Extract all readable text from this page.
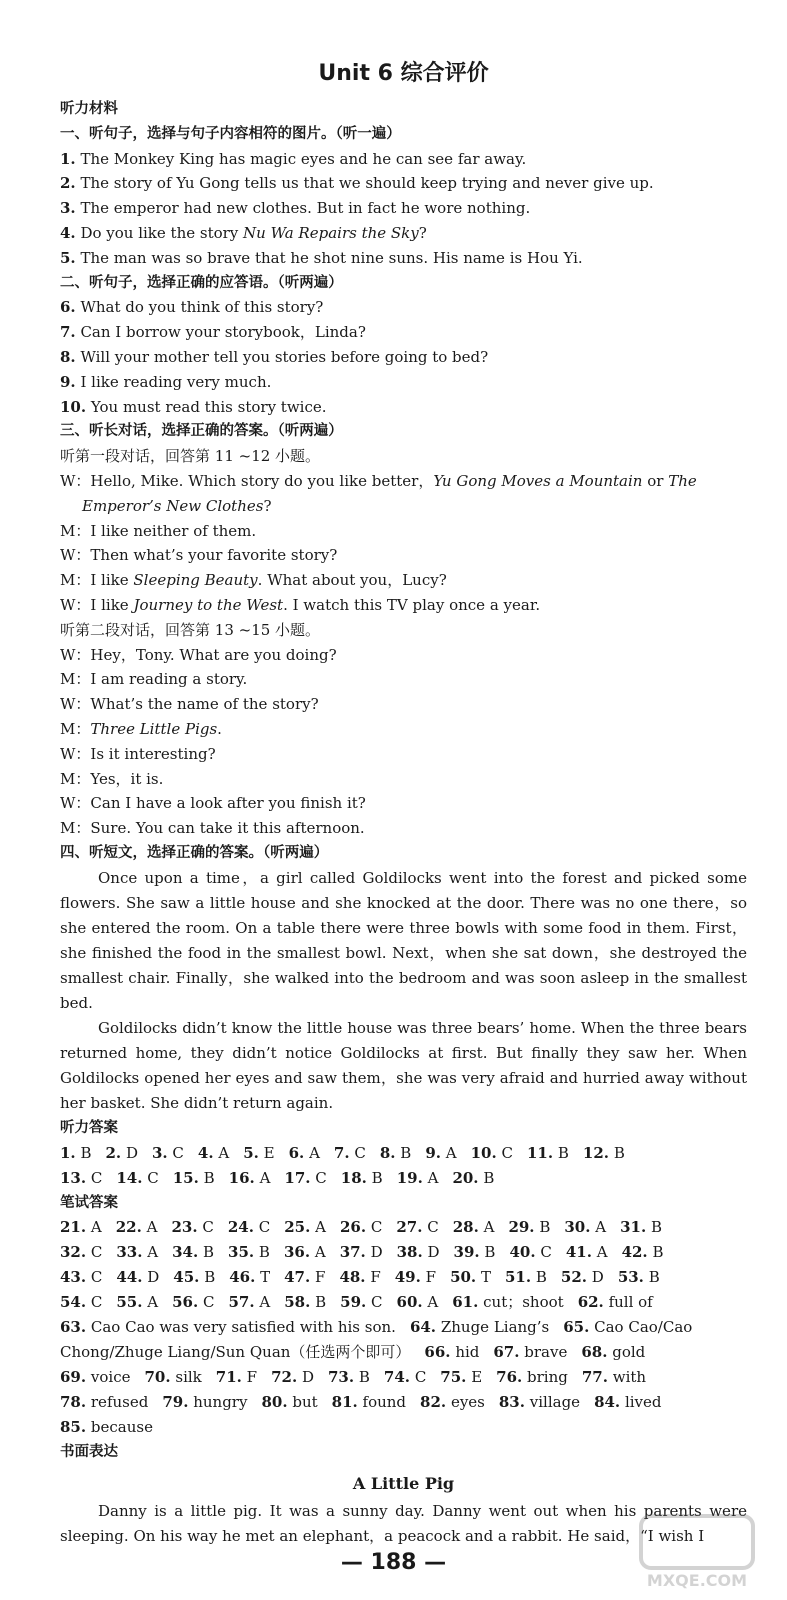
Unit 6 综合评价

听力材料

一、听句子，选择与句子内容相符的图片。（听一遍）

1. The Monkey King has magic eyes and he can see far away.

2. The story of Yu Gong tells us that we should keep trying and never give up.

3. The emperor had new clothes. But in fact he wore nothing.

4. Do you like the story Nu Wa Repairs the Sky?

5. The man was so brave that he shot nine suns. His name is Hou Yi.

二、听句子，选择正确的应答语。（听两遍）

6. What do you think of this story?

7. Can I borrow your storybook，Linda?

8. Will your mother tell you stories before going to bed?

9. I like reading very much.

10. You must read this story twice.

三、听长对话，选择正确的答案。（听两遍）

听第一段对话，回答第 11 ~12 小题。

W：Hello, Mike. Which story do you like better，Yu Gong Moves a Mountain or The

Emperor’s New Clothes?

M：I like neither of them.

W：Then what’s your favorite story?

M：I like Sleeping Beauty. What about you，Lucy?

W：I like Journey to the West. I watch this TV play once a year.

听第二段对话，回答第 13 ~15 小题。

W：Hey，Tony. What are you doing?

M：I am reading a story.

W：What’s the name of the story?

M：Three Little Pigs.

W：Is it interesting?

M：Yes，it is.

W：Can I have a look after you finish it?

M：Sure. You can take it this afternoon.

四、听短文，选择正确的答案。（听两遍）

Once upon a time，a girl called Goldilocks went into the forest and picked some flowers. She saw a little house and she knocked at the door. There was no one there，so she entered the room. On a table there were three bowls with some food in them. First，she finished the food in the smallest bowl. Next，when she sat down，she destroyed the smallest chair. Finally，she walked into the bedroom and was soon asleep in the smallest bed.

Goldilocks didn’t know the little house was three bears’ home. When the three bears returned home, they didn’t notice Goldilocks at first. But finally they saw her. When Goldilocks opened her eyes and saw them，she was very afraid and hurried away without her basket. She didn’t return again.

听力答案

1. B 2. D 3. C 4. A 5. E 6. A 7. C 8. B 9. A 10. C 11. B 12. B

13. C 14. C 15. B 16. A 17. C 18. B 19. A 20. B

笔试答案

21. A 22. A 23. C 24. C 25. A 26. C 27. C 28. A 29. B 30. A 31. B

32. C 33. A 34. B 35. B 36. A 37. D 38. D 39. B 40. C 41. A 42. B

43. C 44. D 45. B 46. T 47. F 48. F 49. F 50. T 51. B 52. D 53. B

54. C 55. A 56. C 57. A 58. B 59. C 60. A 61. cut；shoot 62. full of

63. Cao Cao was very satisfied with his son. 64. Zhuge Liang’s 65. Cao Cao/Cao

Chong/Zhuge Liang/Sun Quan（任选两个即可） 66. hid 67. brave 68. gold

69. voice 70. silk 71. F 72. D 73. B 74. C 75. E 76. bring 77. with

78. refused 79. hungry 80. but 81. found 82. eyes 83. village 84. lived

85. because

书面表达

A Little Pig

Danny is a little pig. It was a sunny day. Danny went out when his parents were sleeping. On his way he met an elephant，a peacock and a rabbit. He said，“I wish I

— 188 —
MXQE.COM
